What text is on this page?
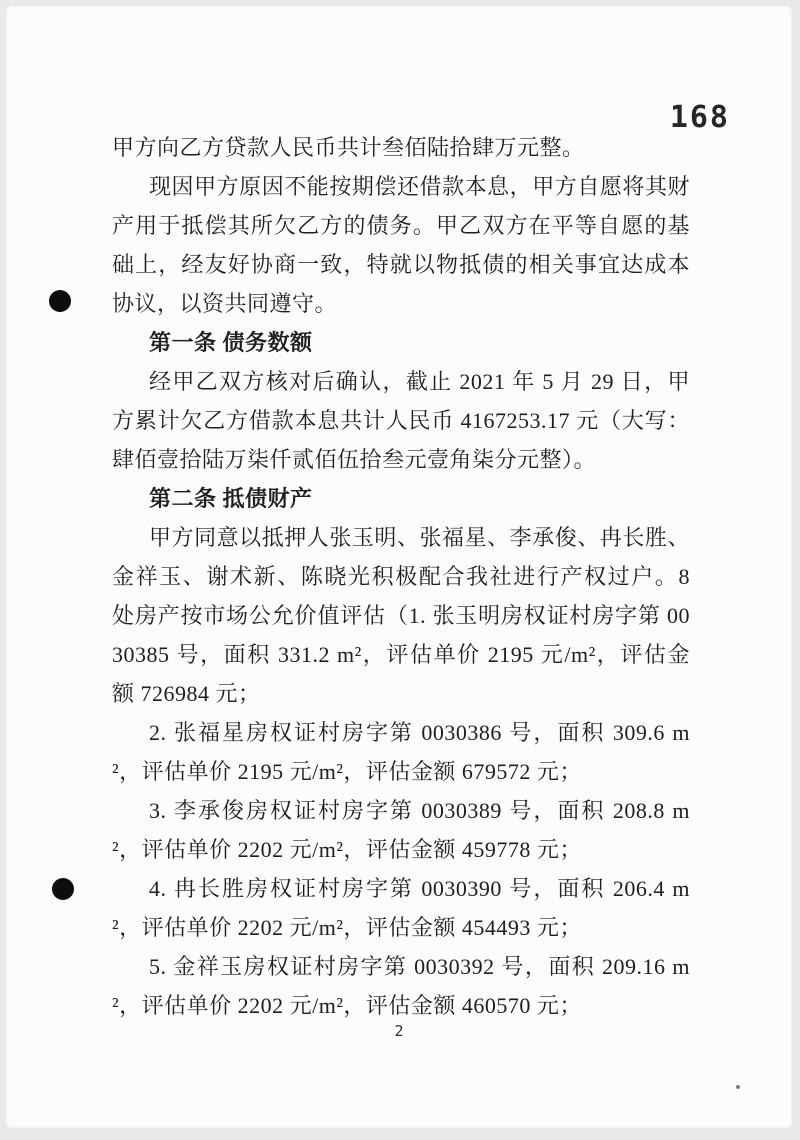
168

甲方向乙方贷款人民币共计叁佰陆拾肆万元整。

现因甲方原因不能按期偿还借款本息，甲方自愿将其财产用于抵偿其所欠乙方的债务。甲乙双方在平等自愿的基础上，经友好协商一致，特就以物抵债的相关事宜达成本协议，以资共同遵守。

第一条 债务数额

经甲乙双方核对后确认，截止 2021 年 5 月 29 日，甲方累计欠乙方借款本息共计人民币 4167253.17 元（大写：肆佰壹拾陆万柒仟贰佰伍拾叁元壹角柒分元整）。

第二条 抵债财产

甲方同意以抵押人张玉明、张福星、李承俊、冉长胜、金祥玉、谢术新、陈晓光积极配合我社进行产权过户。8 处房产按市场公允价值评估（1. 张玉明房权证村房字第 0030385 号，面积 331.2 m²，评估单价 2195 元/m²，评估金额 726984 元；

2. 张福星房权证村房字第 0030386 号，面积 309.6 m²，评估单价 2195 元/m²，评估金额 679572 元；

3. 李承俊房权证村房字第 0030389 号，面积 208.8 m²，评估单价 2202 元/m²，评估金额 459778 元；

4. 冉长胜房权证村房字第 0030390 号，面积 206.4 m²，评估单价 2202 元/m²，评估金额 454493 元；

5. 金祥玉房权证村房字第 0030392 号，面积 209.16 m²，评估单价 2202 元/m²，评估金额 460570 元；

2
